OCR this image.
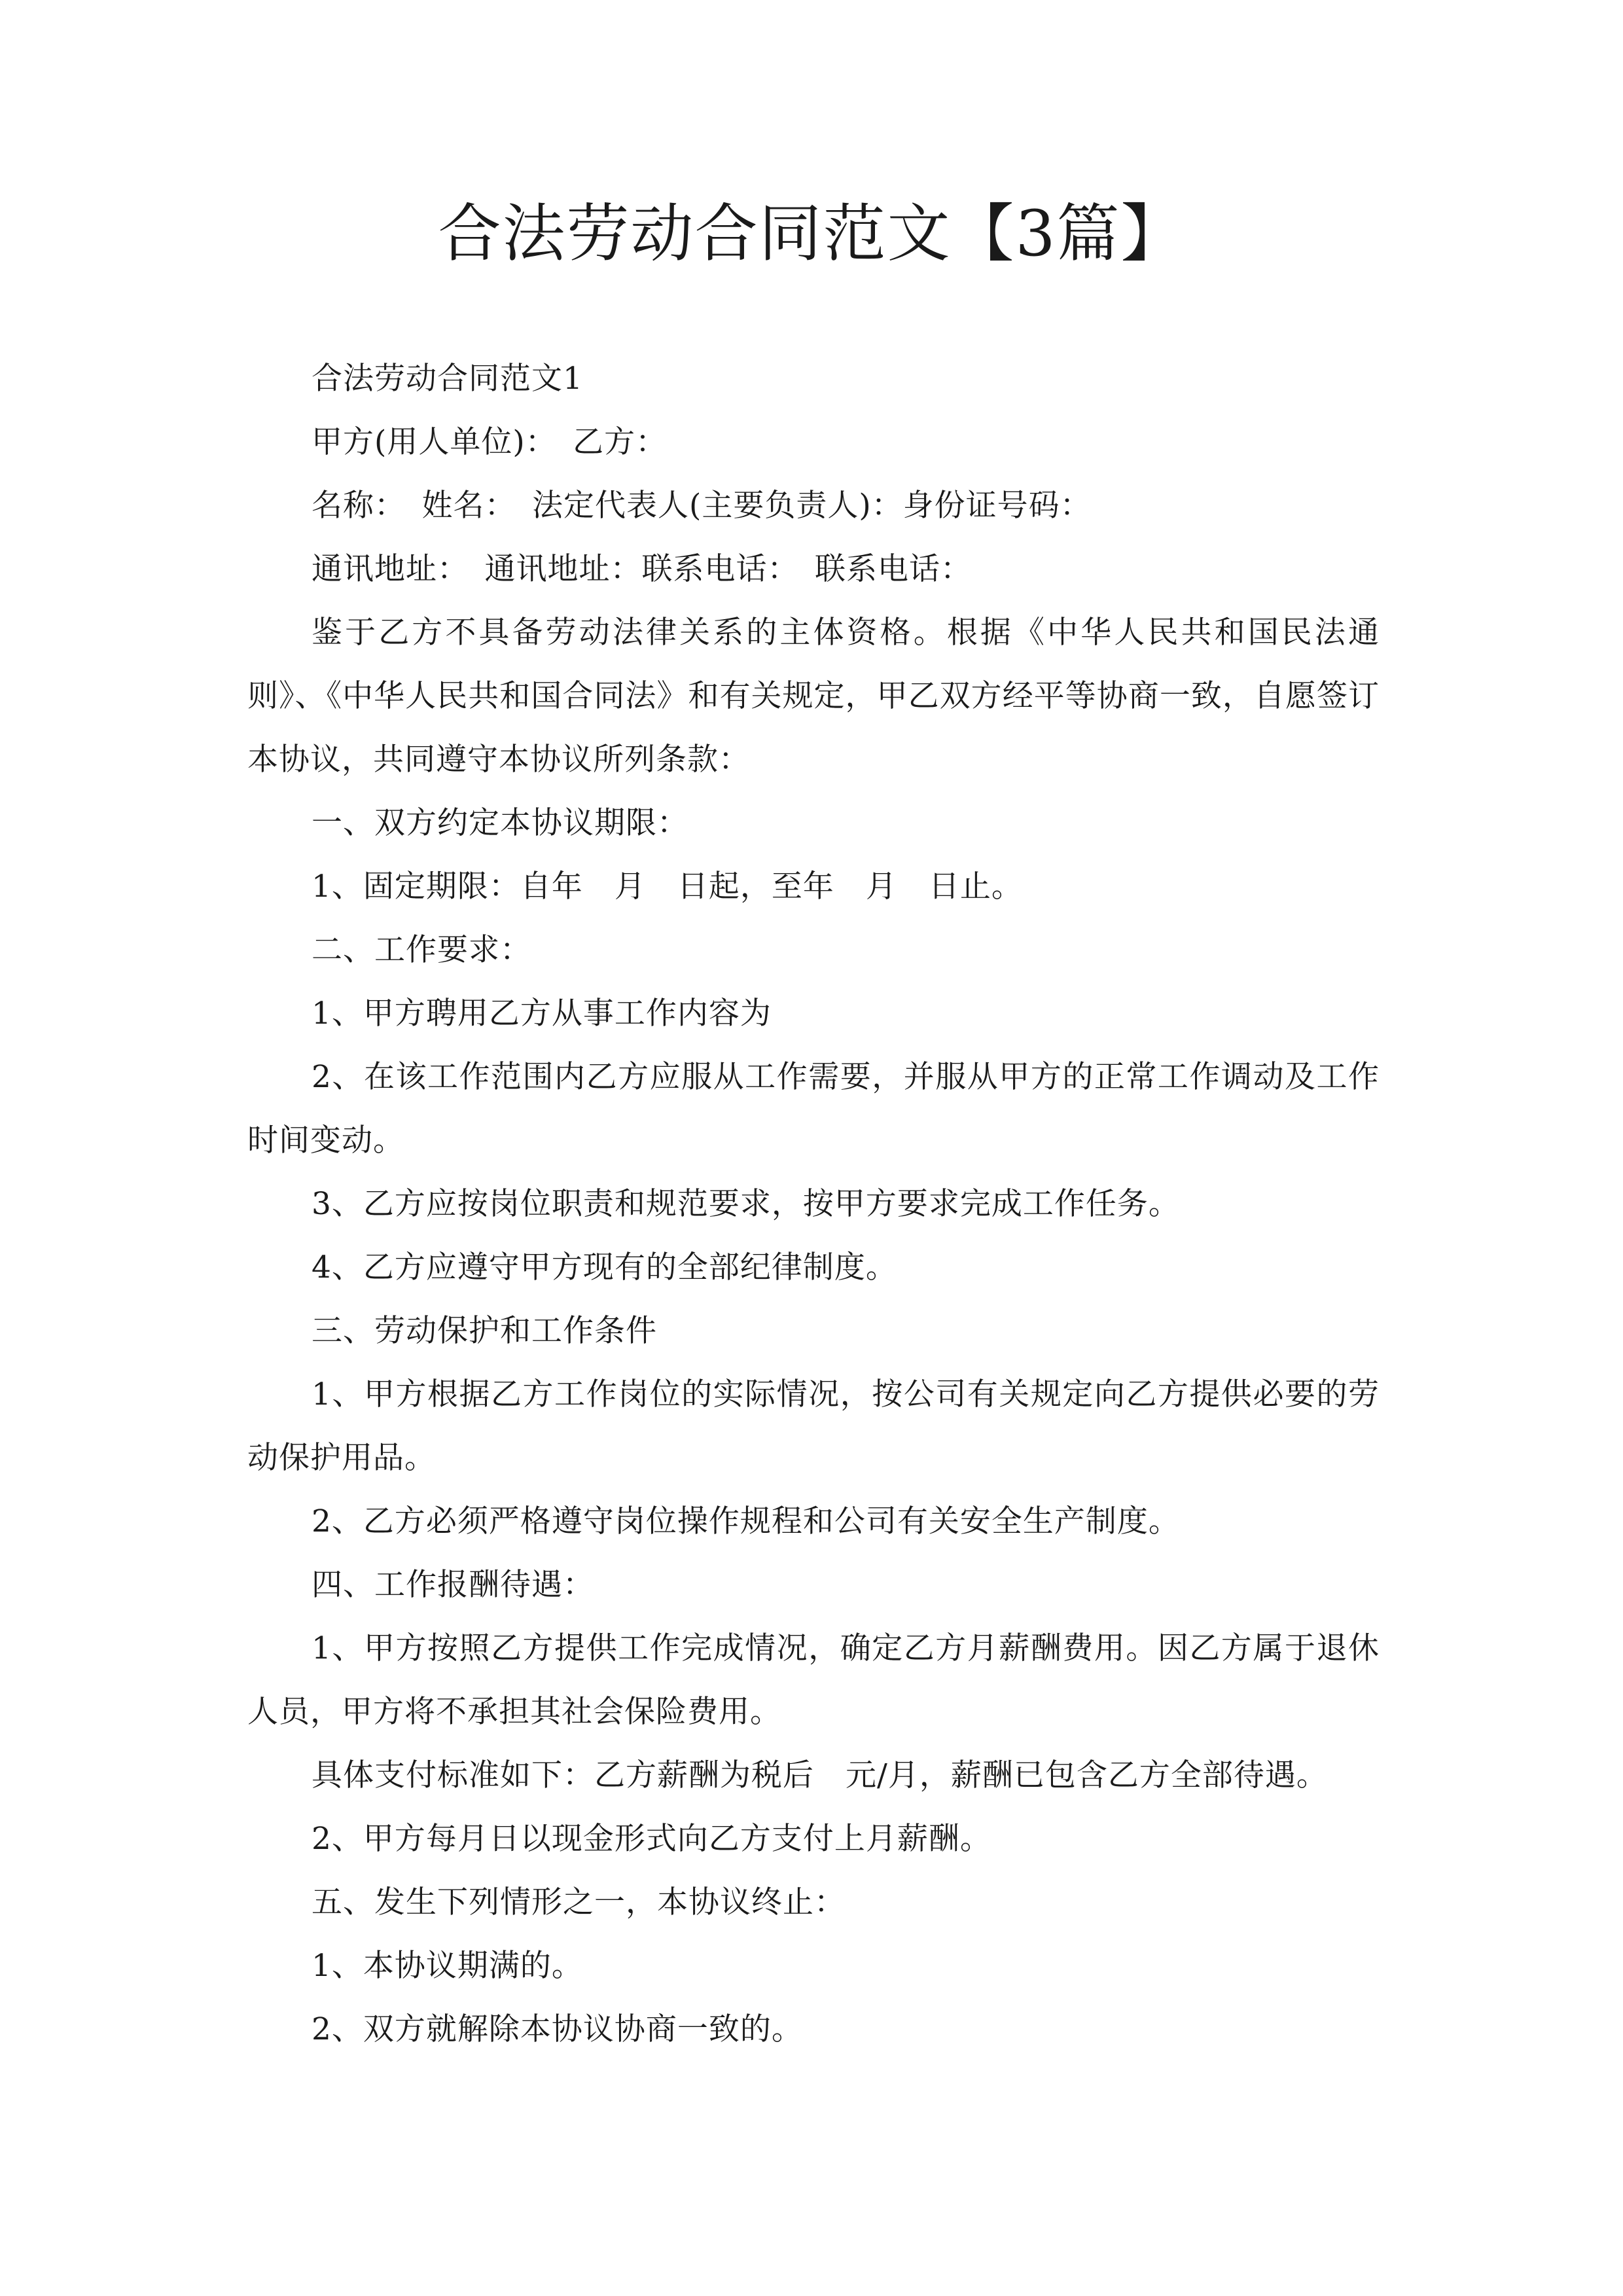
合法劳动合同范文【3篇】

合法劳动合同范文1

甲方(用人单位)：　乙方：

名称：　姓名：　法定代表人(主要负责人)：身份证号码：

通讯地址：　通讯地址：联系电话：　联系电话：

鉴于乙方不具备劳动法律关系的主体资格。根据《中华人民共和国民法通则》、《中华人民共和国合同法》和有关规定，甲乙双方经平等协商一致，自愿签订本协议，共同遵守本协议所列条款：

一、双方约定本协议期限：

1、固定期限：自年　月　日起，至年　月　日止。

二、工作要求：

1、甲方聘用乙方从事工作内容为

2、在该工作范围内乙方应服从工作需要，并服从甲方的正常工作调动及工作时间变动。

3、乙方应按岗位职责和规范要求，按甲方要求完成工作任务。

4、乙方应遵守甲方现有的全部纪律制度。

三、劳动保护和工作条件

1、甲方根据乙方工作岗位的实际情况，按公司有关规定向乙方提供必要的劳动保护用品。

2、乙方必须严格遵守岗位操作规程和公司有关安全生产制度。

四、工作报酬待遇：

1、甲方按照乙方提供工作完成情况，确定乙方月薪酬费用。因乙方属于退休人员，甲方将不承担其社会保险费用。

具体支付标准如下：乙方薪酬为税后　元/月，薪酬已包含乙方全部待遇。

2、甲方每月日以现金形式向乙方支付上月薪酬。

五、发生下列情形之一，本协议终止：

1、本协议期满的。

2、双方就解除本协议协商一致的。
